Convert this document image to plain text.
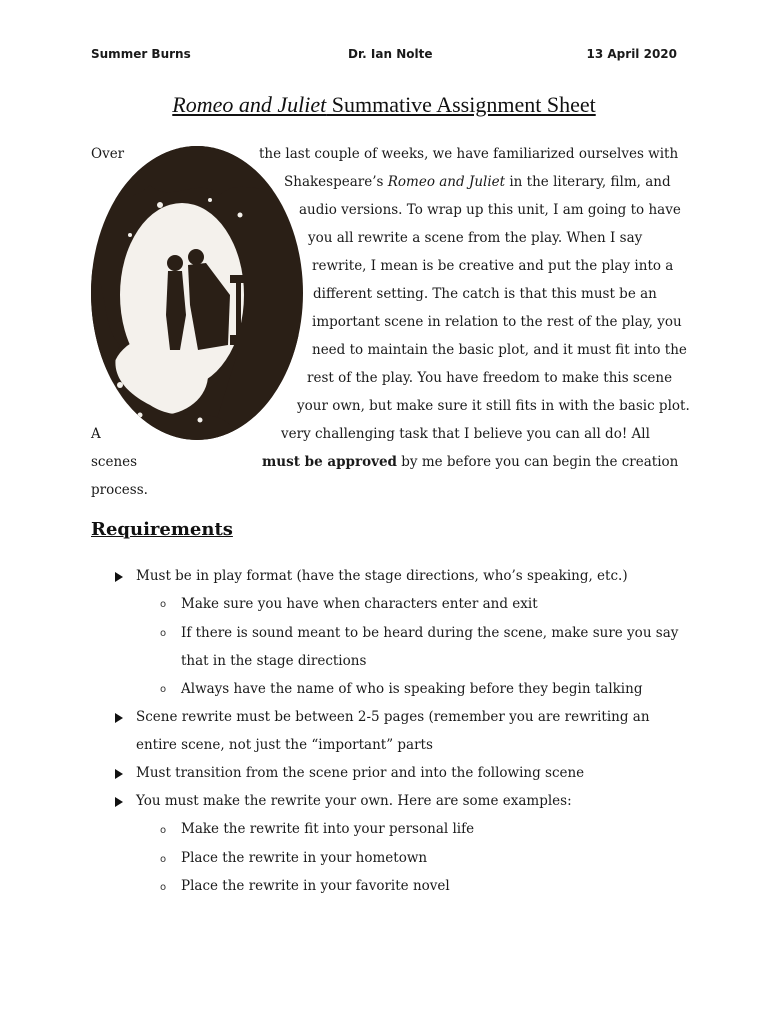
Summer Burns	Dr. Ian Nolte	13 April 2020
Romeo and Juliet Summative Assignment Sheet
Over	the last couple of weeks, we have familiarized ourselves with
Shakespeare’s Romeo and Juliet in the literary, film, and
audio versions. To wrap up this unit, I am going to have
you all rewrite a scene from the play. When I say
rewrite, I mean is be creative and put the play into a
different setting. The catch is that this must be an
important scene in relation to the rest of the play, you
need to maintain the basic plot, and it must fit into the
rest of the play. You have freedom to make this scene
your own, but make sure it still fits in with the basic plot.
A	very challenging task that I believe you can all do! All
scenes	must be approved by me before you can begin the creation
process.
Requirements
Must be in play format (have the stage directions, who’s speaking, etc.)
o Make sure you have when characters enter and exit
o If there is sound meant to be heard during the scene, make sure you say
that in the stage directions
o Always have the name of who is speaking before they begin talking
Scene rewrite must be between 2-5 pages (remember you are rewriting an
entire scene, not just the “important” parts
Must transition from the scene prior and into the following scene
You must make the rewrite your own. Here are some examples:
o Make the rewrite fit into your personal life
o Place the rewrite in your hometown
o Place the rewrite in your favorite novel
